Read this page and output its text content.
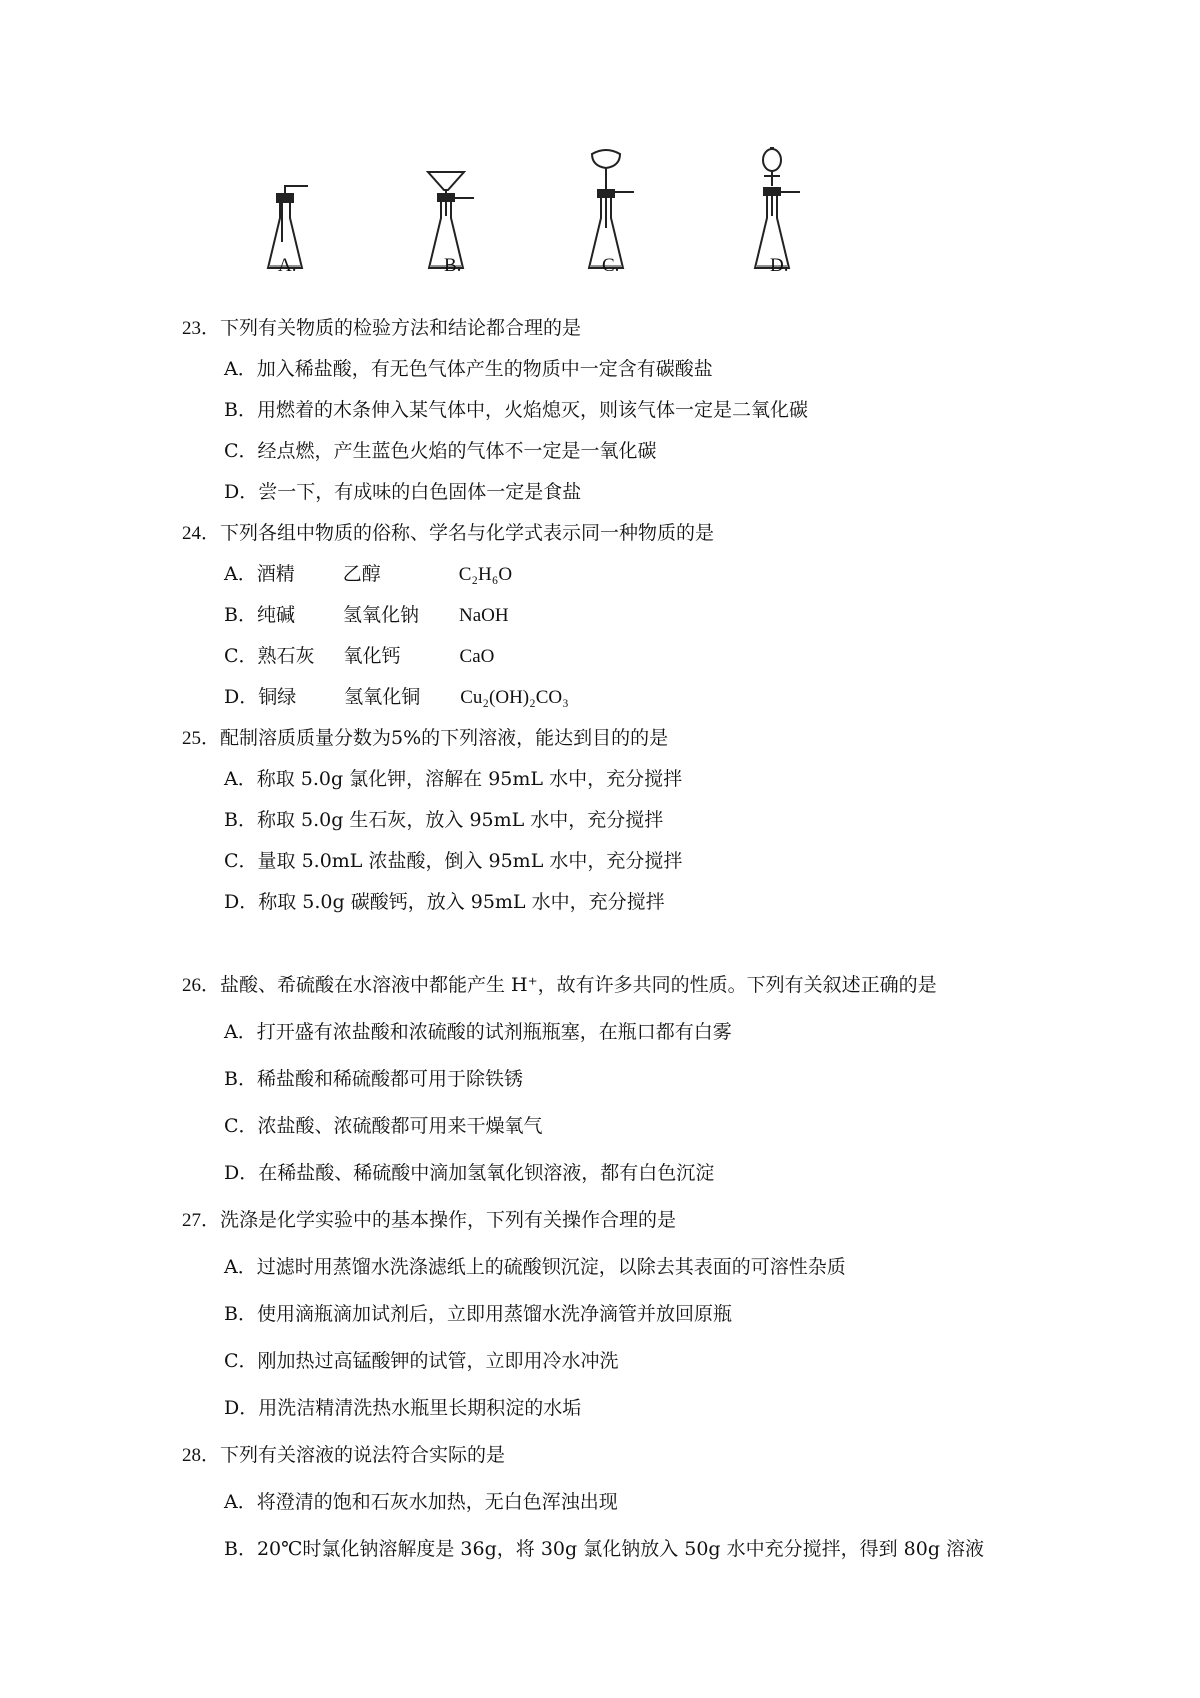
A.	B.	C.	D.
23．下列有关物质的检验方法和结论都合理的是
A．加入稀盐酸，有无色气体产生的物质中一定含有碳酸盐
B．用燃着的木条伸入某气体中，火焰熄灭，则该气体一定是二氧化碳
C．经点燃，产生蓝色火焰的气体不一定是一氧化碳
D．尝一下，有成味的白色固体一定是食盐
24．下列各组中物质的俗称、学名与化学式表示同一种物质的是
A．酒精	乙醇	C₂H₆O
B．纯碱	氢氧化钠 NaOH
C．熟石灰 氧化钙	CaO
D．铜绿	氢氧化铜 Cu₂(OH)₂CO₃
25．配制溶质质量分数为5%的下列溶液，能达到目的的是
A．称取 5.0g 氯化钾，溶解在 95mL 水中，充分搅拌
B．称取 5.0g 生石灰，放入 95mL 水中，充分搅拌
C．量取 5.0mL 浓盐酸，倒入 95mL 水中，充分搅拌
D．称取 5.0g 碳酸钙，放入 95mL 水中，充分搅拌
26．盐酸、希硫酸在水溶液中都能产生 H⁺，故有许多共同的性质。下列有关叙述正确的是
A．打开盛有浓盐酸和浓硫酸的试剂瓶瓶塞，在瓶口都有白雾
B．稀盐酸和稀硫酸都可用于除铁锈
C．浓盐酸、浓硫酸都可用来干燥氧气
D．在稀盐酸、稀硫酸中滴加氢氧化钡溶液，都有白色沉淀
27．洗涤是化学实验中的基本操作，下列有关操作合理的是
A．过滤时用蒸馏水洗涤滤纸上的硫酸钡沉淀，以除去其表面的可溶性杂质
B．使用滴瓶滴加试剂后，立即用蒸馏水洗净滴管并放回原瓶
C．刚加热过高锰酸钾的试管，立即用冷水冲洗
D．用洗洁精清洗热水瓶里长期积淀的水垢
28．下列有关溶液的说法符合实际的是
A．将澄清的饱和石灰水加热，无白色浑浊出现
B．20℃时氯化钠溶解度是 36g，将 30g 氯化钠放入 50g 水中充分搅拌，得到 80g 溶液
